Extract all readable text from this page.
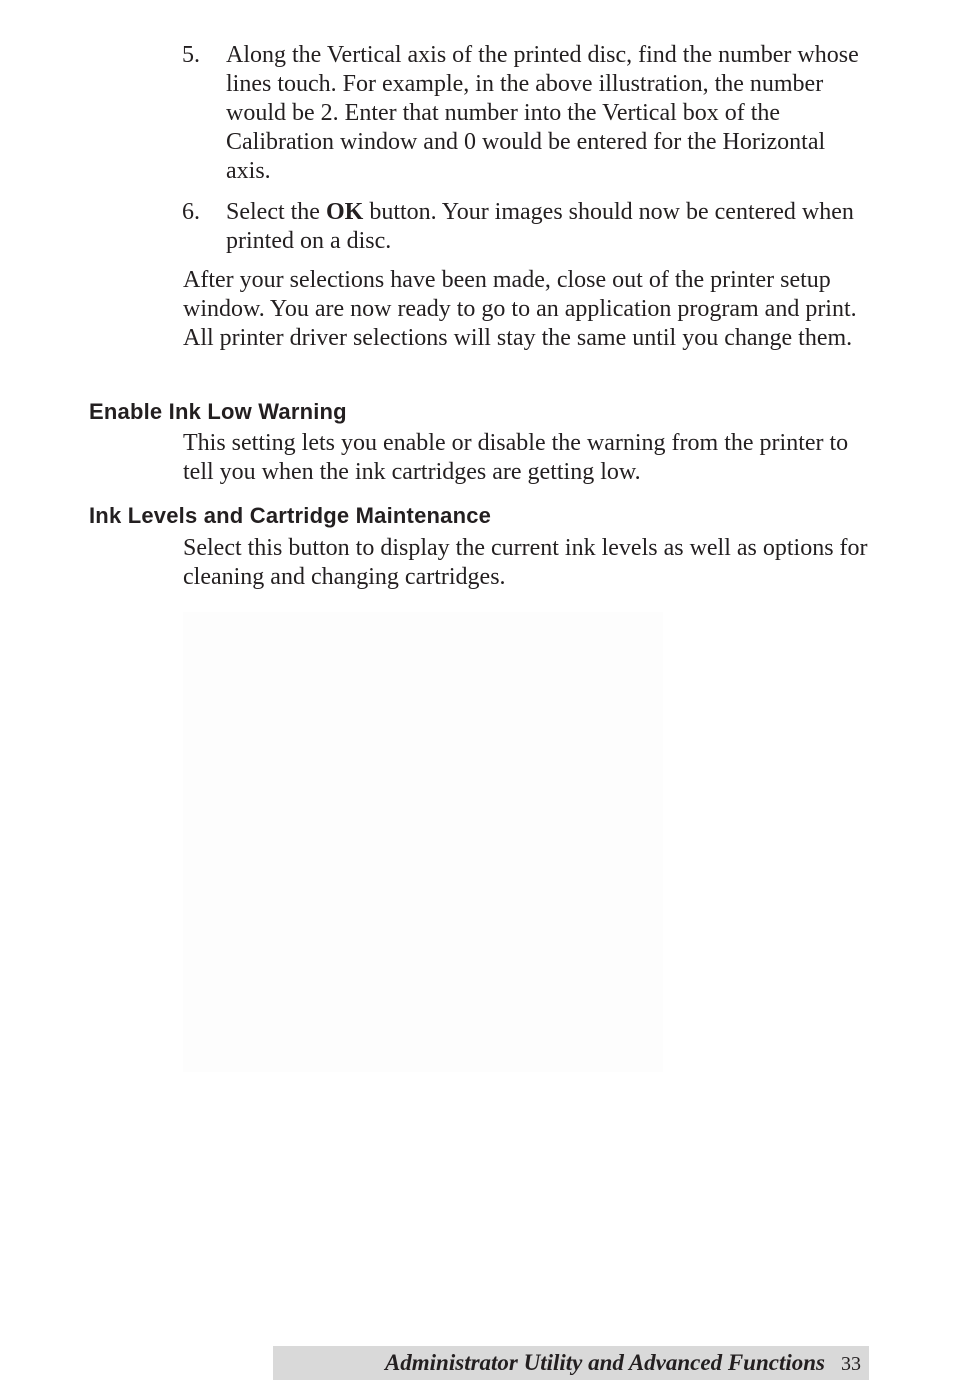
5.	Along the Vertical axis of the printed disc, find the number whose lines touch. For example, in the above illustration, the number would be 2. Enter that number into the Vertical box of the Calibration window and 0 would be entered for the Horizontal axis.
6.	Select the OK button. Your images should now be centered when printed on a disc.

After your selections have been made, close out of the printer setup window. You are now ready to go to an application program and print. All printer driver selections will stay the same until you change them.

Enable Ink Low Warning

This setting lets you enable or disable the warning from the printer to tell you when the ink cartridges are getting low.

Ink Levels and Cartridge Maintenance

Select this button to display the current ink levels as well as options for cleaning and changing cartridges.

Administrator Utility and Advanced Functions 33
